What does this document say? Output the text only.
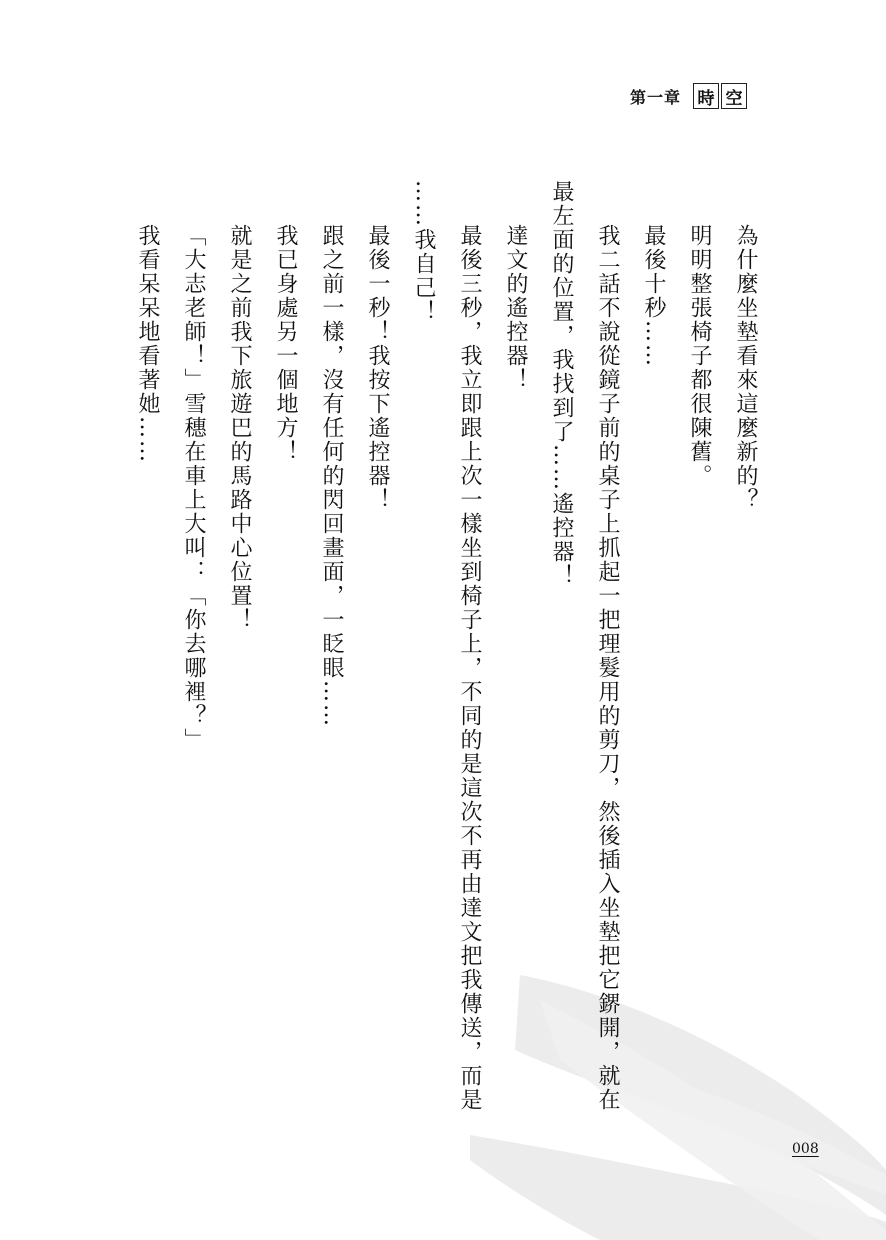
第一章 時 空
為什麼坐墊看來這麼新的？
明明整張椅子都很陳舊。
最後十秒……
我二話不說從鏡子前的桌子上抓起一把理髮用的剪刀，然後插入坐墊把它鎅開，就在
最左面的位置，我找到了……遙控器！
達文的遙控器！
最後三秒，我立即跟上次一樣坐到椅子上，不同的是這次不再由達文把我傳送，而是
……我自己！
最後一秒！我按下遙控器！
跟之前一樣，沒有任何的閃回畫面，一眨眼……
我已身處另一個地方！
就是之前我下旅遊巴的馬路中心位置！
「大志老師！」雪穗在車上大叫：「你去哪裡？」
我看呆呆地看著她……
008
